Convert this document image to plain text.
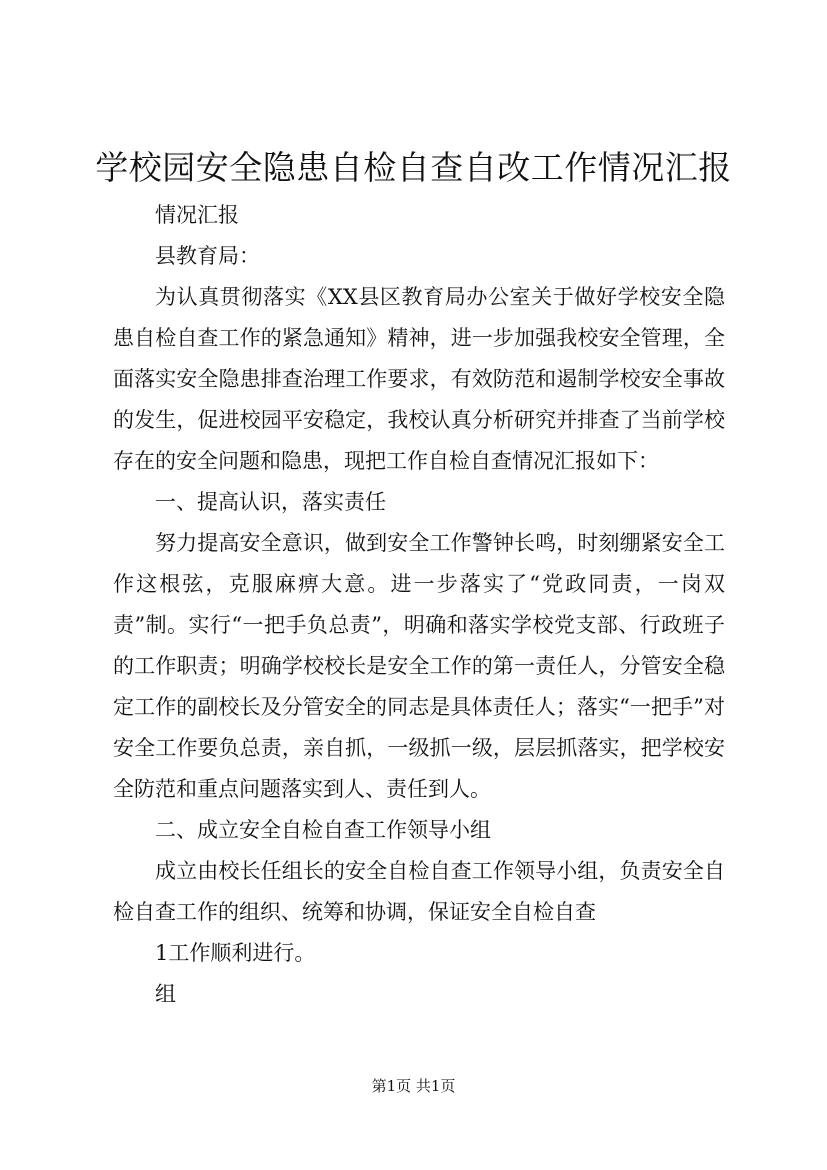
学校园安全隐患自检自查自改工作情况汇报

情况汇报

县教育局：

为认真贯彻落实《XX县区教育局办公室关于做好学校安全隐患自检自查工作的紧急通知》精神，进一步加强我校安全管理，全面落实安全隐患排查治理工作要求，有效防范和遏制学校安全事故的发生，促进校园平安稳定，我校认真分析研究并排查了当前学校存在的安全问题和隐患，现把工作自检自查情况汇报如下：

一、提高认识，落实责任

努力提高安全意识，做到安全工作警钟长鸣，时刻绷紧安全工作这根弦，克服麻痹大意。进一步落实了“党政同责，一岗双责”制。实行“一把手负总责”，明确和落实学校党支部、行政班子的工作职责；明确学校校长是安全工作的第一责任人，分管安全稳定工作的副校长及分管安全的同志是具体责任人；落实“一把手”对安全工作要负总责，亲自抓，一级抓一级，层层抓落实，把学校安全防范和重点问题落实到人、责任到人。

二、成立安全自检自查工作领导小组

成立由校长任组长的安全自检自查工作领导小组，负责安全自检自查工作的组织、统筹和协调，保证安全自检自查

1工作顺利进行。

组

第1页 共1页
